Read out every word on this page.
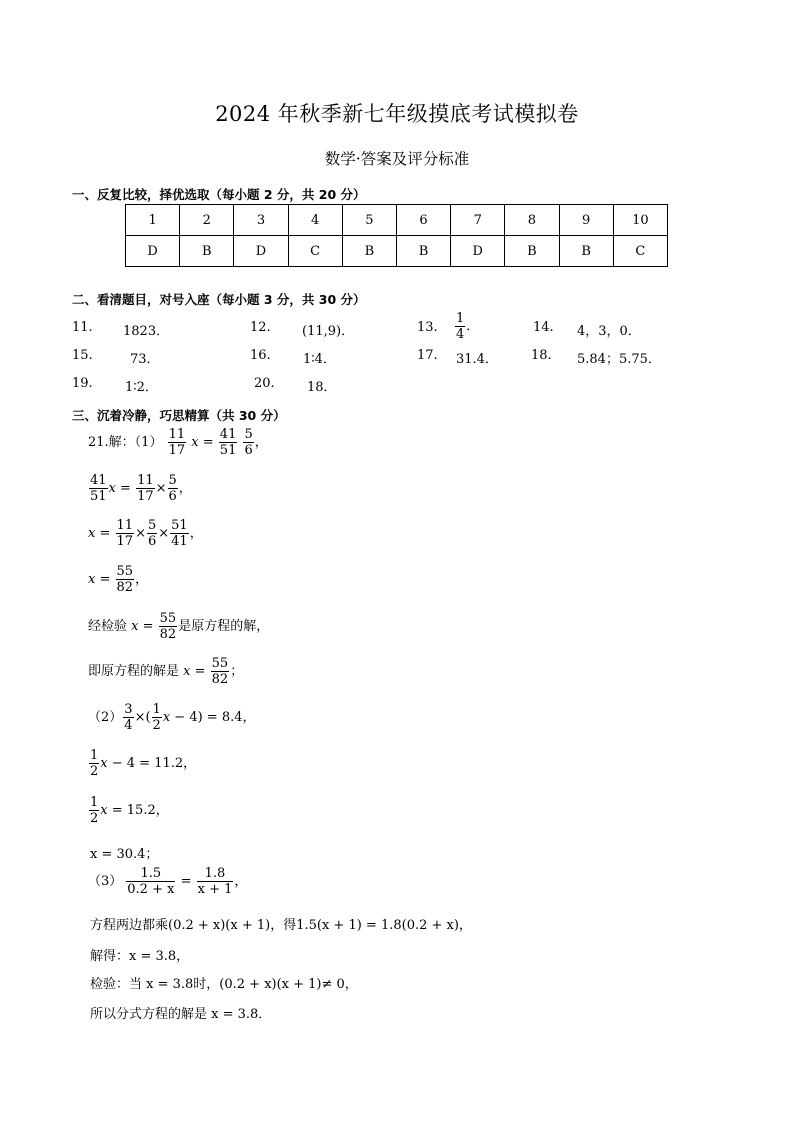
2024 年秋季新七年级摸底考试模拟卷
数学·答案及评分标准
一、反复比较，择优选取（每小题 2 分，共 20 分）
1	2	3	4	5	6	7	8	9	10
D	B	D	C	B	B	D	B	B	C
二、看清题目，对号入座（每小题 3 分，共 30 分）
11. 1823．	12. (11,9)．	13. $\frac{1}{4}$ ．	14. 4，3，0．
15.	73．	16. 1∶4．	17. 31.4．	18. 5.84；5.75．
19. 1∶2．	20. 18．
三、沉着冷静，巧思精算（共 30 分）
21.解：$(1) \frac{11}{17}$ $x = \frac{41}{51}$
$\frac{5}{6}$ ，
$\frac{41}{51}$ $x = \frac{11}{17} \times \frac{5}{6}$ ，
$x = \frac{11}{17} \times \frac{5}{6} \times \frac{51}{41}$ ，
$x = \frac{55}{82}$ ，
经检验 $x = \frac{55}{82}$ 是原方程的解，
即原方程的解是 $x = \frac{55}{82}$ ；
$(2) \frac{3}{4}$ ×( $\frac{1}{2}$ x − 4) = 8.4，
$\frac{1}{2}$ x − 4 = 11.2，
$\frac{1}{2}$ x = 15.2，
x = 30.4；
$(3) \frac{1.5}{0.2 + x} = \frac{1.8}{x + 1}$ ，
方程两边都乘(0.2 + x)(x + 1)，得1.5(x + 1) = 1.8(0.2 + x)，
解得：x = 3.8，
检验：当 x = 3.8时，(0.2 + x)(x + 1)≠ 0，
所以分式方程的解是 x = 3.8．
